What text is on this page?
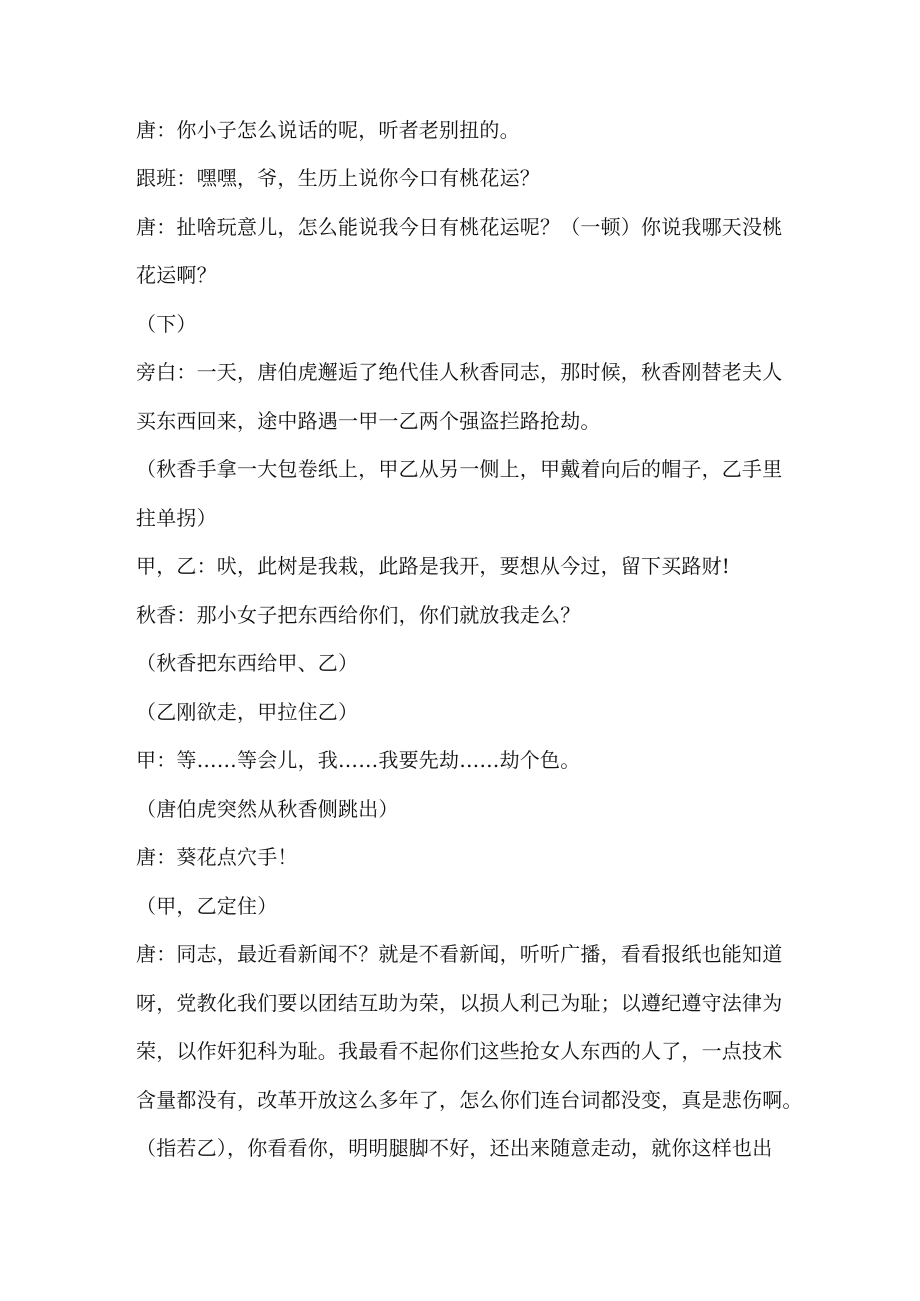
唐：你小子怎么说话的呢，听者老别扭的。
跟班：嘿嘿，爷，生历上说你今口有桃花运？
唐：扯啥玩意儿，怎么能说我今日有桃花运呢？（一顿）你说我哪天没桃
花运啊？
（下）
旁白：一天，唐伯虎邂逅了绝代佳人秋香同志，那时候，秋香刚替老夫人
买东西回来，途中路遇一甲一乙两个强盗拦路抢劫。
（秋香手拿一大包卷纸上，甲乙从另一侧上，甲戴着向后的帽子，乙手里
拄单拐）
甲，乙：吠，此树是我栽，此路是我开，要想从今过，留下买路财!
秋香：那小女子把东西给你们，你们就放我走么？
（秋香把东西给甲、乙）
（乙刚欲走，甲拉住乙）
甲：等……等会儿，我……我要先劫……劫个色。
（唐伯虎突然从秋香侧跳出）
唐：葵花点穴手！
（甲，乙定住）
唐：同志，最近看新闻不？就是不看新闻，听听广播，看看报纸也能知道
呀，党教化我们要以团结互助为荣，以损人利己为耻；以遵纪遵守法律为
荣，以作奸犯科为耻。我最看不起你们这些抢女人东西的人了，一点技术
含量都没有，改革开放这么多年了，怎么你们连台词都没变，真是悲伤啊。
（指若乙），你看看你，明明腿脚不好，还出来随意走动，就你这样也出
